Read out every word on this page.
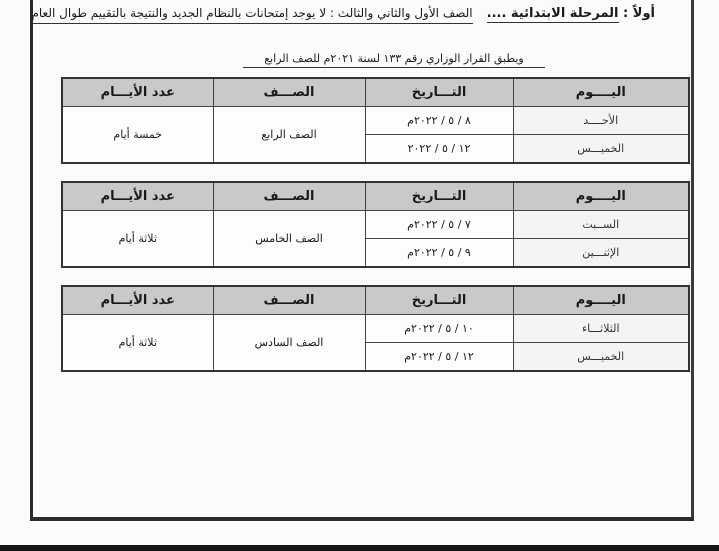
أولاً : المرحلة الابتدائية ....
الصف الأول والثاني والثالث : لا يوجد إمتحانات بالنظام الجديد والنتيجة بالتقييم طوال العام
ويطبق القرار الوزاري رقم ١٣٣ لسنة ٢٠٢١م للصف الرابع
اليــــوم	التـــاريخ	الصـــف	عدد الأيـــام
الأحــــد	٨ / ٥ / ٢٠٢٢م	الصف الرابع	خمسة أيام
الخميـــس	١٢ / ٥ / ٢٠٢٢		
اليــــوم	التـــاريخ	الصـــف	عدد الأيـــام
الســبت	٧ / ٥ / ٢٠٢٢م	الصف الخامس	ثلاثة أيام
الإثنـــين	٩ / ٥ / ٢٠٢٢م		
اليــــوم	التـــاريخ	الصـــف	عدد الأيـــام
الثلاثـــاء	١٠ / ٥ / ٢٠٢٢م	الصف السادس	ثلاثة أيام
الخميـــس	١٢ / ٥ / ٢٠٢٢م		
